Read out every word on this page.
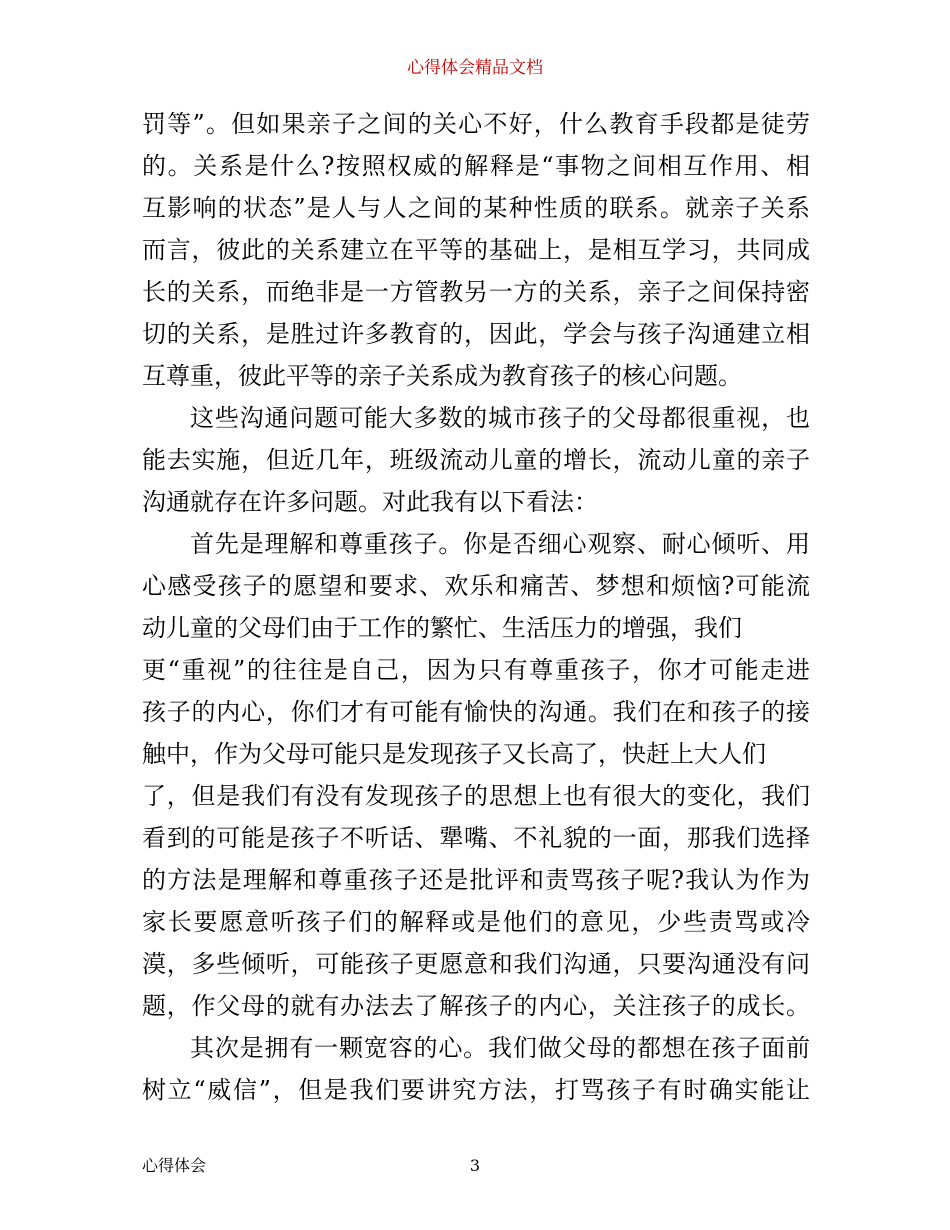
心得体会精品文档
罚等”。但如果亲子之间的关心不好，什么教育手段都是徒劳
的。关系是什么?按照权威的解释是“事物之间相互作用、相
互影响的状态”是人与人之间的某种性质的联系。就亲子关系
而言，彼此的关系建立在平等的基础上，是相互学习，共同成
长的关系，而绝非是一方管教另一方的关系，亲子之间保持密
切的关系，是胜过许多教育的，因此，学会与孩子沟通建立相
互尊重，彼此平等的亲子关系成为教育孩子的核心问题。
这些沟通问题可能大多数的城市孩子的父母都很重视，也
能去实施，但近几年，班级流动儿童的增长，流动儿童的亲子
沟通就存在许多问题。对此我有以下看法：
首先是理解和尊重孩子。你是否细心观察、耐心倾听、用
心感受孩子的愿望和要求、欢乐和痛苦、梦想和烦恼?可能流
动儿童的父母们由于工作的繁忙、生活压力的增强，我们
更“重视”的往往是自己，因为只有尊重孩子，你才可能走进
孩子的内心，你们才有可能有愉快的沟通。我们在和孩子的接
触中，作为父母可能只是发现孩子又长高了，快赶上大人们
了，但是我们有没有发现孩子的思想上也有很大的变化，我们
看到的可能是孩子不听话、犟嘴、不礼貌的一面，那我们选择
的方法是理解和尊重孩子还是批评和责骂孩子呢?我认为作为
家长要愿意听孩子们的解释或是他们的意见，少些责骂或冷
漠，多些倾听，可能孩子更愿意和我们沟通，只要沟通没有问
题，作父母的就有办法去了解孩子的内心，关注孩子的成长。
其次是拥有一颗宽容的心。我们做父母的都想在孩子面前
树立“威信”，但是我们要讲究方法，打骂孩子有时确实能让
心得体会	3
